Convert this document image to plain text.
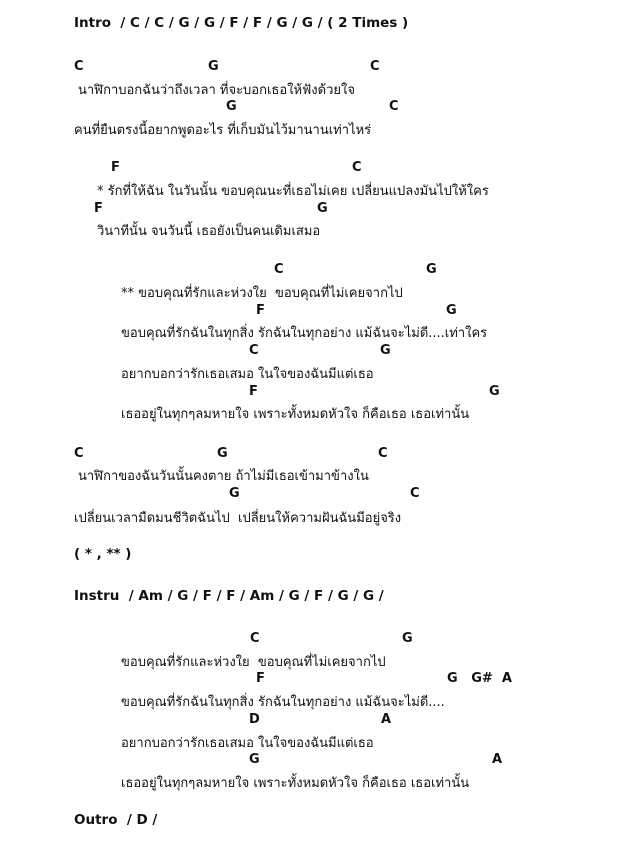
Intro  / C / C / G / G / F / F / G / G / ( 2 Times )
C	G	C
นาฬิกาบอกฉันว่าถึงเวลา ที่จะบอกเธอให้ฟังด้วยใจ
G	C
คนที่ยืนตรงนี้อยากพูดอะไร ที่เก็บมันไว้มานานเท่าไหร่
F	C
* รักที่ให้ฉัน ในวันนั้น ขอบคุณนะที่เธอไม่เคย เปลี่ยนแปลงมันไปให้ใคร
F	G
วินาทีนั้น จนวันนี้ เธอยังเป็นคนเดิมเสมอ
C	G
** ขอบคุณที่รักและห่วงใย  ขอบคุณที่ไม่เคยจากไป
F	G
ขอบคุณที่รักฉันในทุกสิ่ง รักฉันในทุกอย่าง แม้ฉันจะไม่ดี....เท่าใคร
C	G
อยากบอกว่ารักเธอเสมอ ในใจของฉันมีแต่เธอ
F	G
เธออยู่ในทุกๆลมหายใจ เพราะทั้งหมดหัวใจ ก็คือเธอ เธอเท่านั้น
C	G	C
นาฬิกาของฉันวันนั้นคงตาย ถ้าไม่มีเธอเข้ามาข้างใน
G	C
เปลี่ยนเวลามืดมนชีวิตฉันไป  เปลี่ยนให้ความฝันฉันมีอยู่จริง
( * , ** )
Instru  / Am / G / F / F / Am / G / F / G / G /
C	G
ขอบคุณที่รักและห่วงใย  ขอบคุณที่ไม่เคยจากไป
F	G   G#  A
ขอบคุณที่รักฉันในทุกสิ่ง รักฉันในทุกอย่าง แม้ฉันจะไม่ดี....
D	A
อยากบอกว่ารักเธอเสมอ ในใจของฉันมีแต่เธอ
G	A
เธออยู่ในทุกๆลมหายใจ เพราะทั้งหมดหัวใจ ก็คือเธอ เธอเท่านั้น
Outro  / D /
